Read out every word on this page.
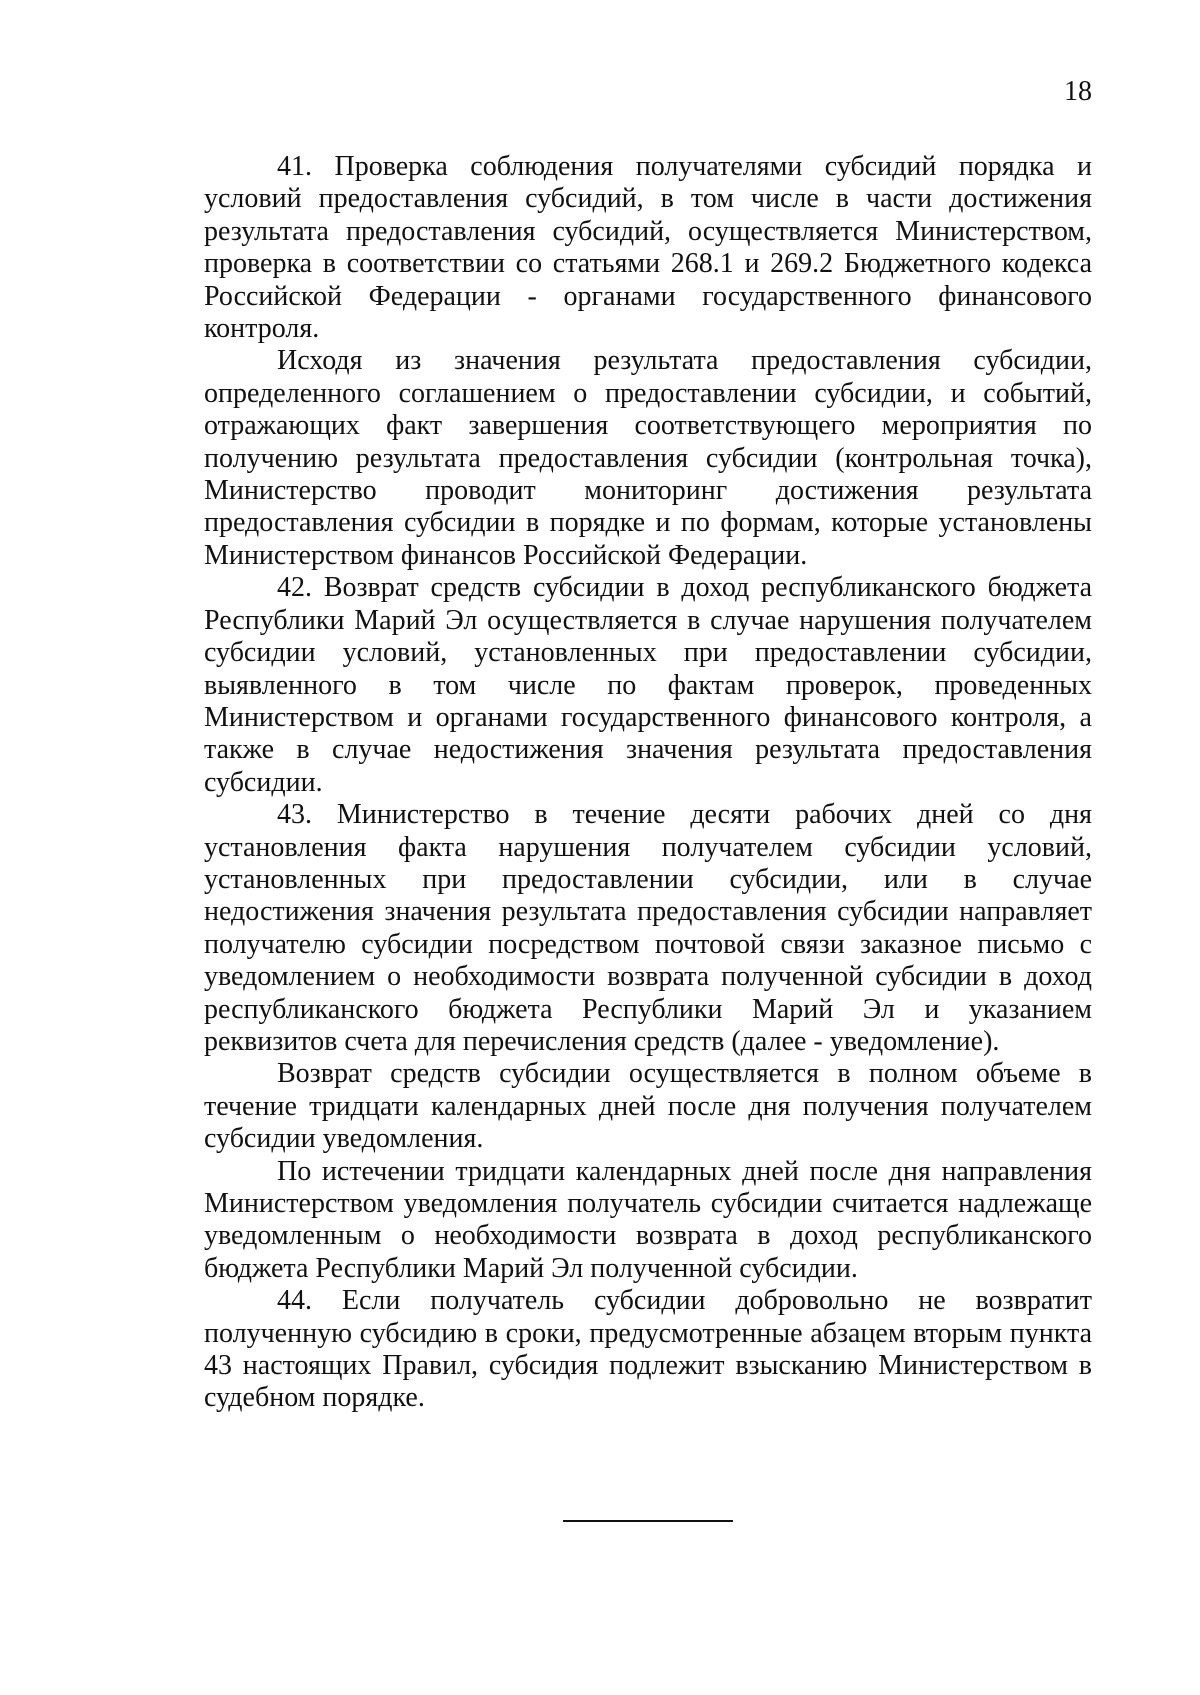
18

41. Проверка соблюдения получателями субсидий порядка и условий предоставления субсидий, в том числе в части достижения результата предоставления субсидий, осуществляется Министерством, проверка в соответствии со статьями 268.1 и 269.2 Бюджетного кодекса Российской Федерации - органами государственного финансового контроля.

Исходя из значения результата предоставления субсидии, определенного соглашением о предоставлении субсидии, и событий, отражающих факт завершения соответствующего мероприятия по получению результата предоставления субсидии (контрольная точка), Министерство проводит мониторинг достижения результата предоставления субсидии в порядке и по формам, которые установлены Министерством финансов Российской Федерации.

42. Возврат средств субсидии в доход республиканского бюджета Республики Марий Эл осуществляется в случае нарушения получателем субсидии условий, установленных при предоставлении субсидии, выявленного в том числе по фактам проверок, проведенных Министерством и органами государственного финансового контроля, а также в случае недостижения значения результата предоставления субсидии.

43. Министерство в течение десяти рабочих дней со дня установления факта нарушения получателем субсидии условий, установленных при предоставлении субсидии, или в случае недостижения значения результата предоставления субсидии направляет получателю субсидии посредством почтовой связи заказное письмо с уведомлением о необходимости возврата полученной субсидии в доход республиканского бюджета Республики Марий Эл и указанием реквизитов счета для перечисления средств (далее - уведомление).

Возврат средств субсидии осуществляется в полном объеме в течение тридцати календарных дней после дня получения получателем субсидии уведомления.

По истечении тридцати календарных дней после дня направления Министерством уведомления получатель субсидии считается надлежаще уведомленным о необходимости возврата в доход республиканского бюджета Республики Марий Эл полученной субсидии.

44. Если получатель субсидии добровольно не возвратит полученную субсидию в сроки, предусмотренные абзацем вторым пункта 43 настоящих Правил, субсидия подлежит взысканию Министерством в судебном порядке.
